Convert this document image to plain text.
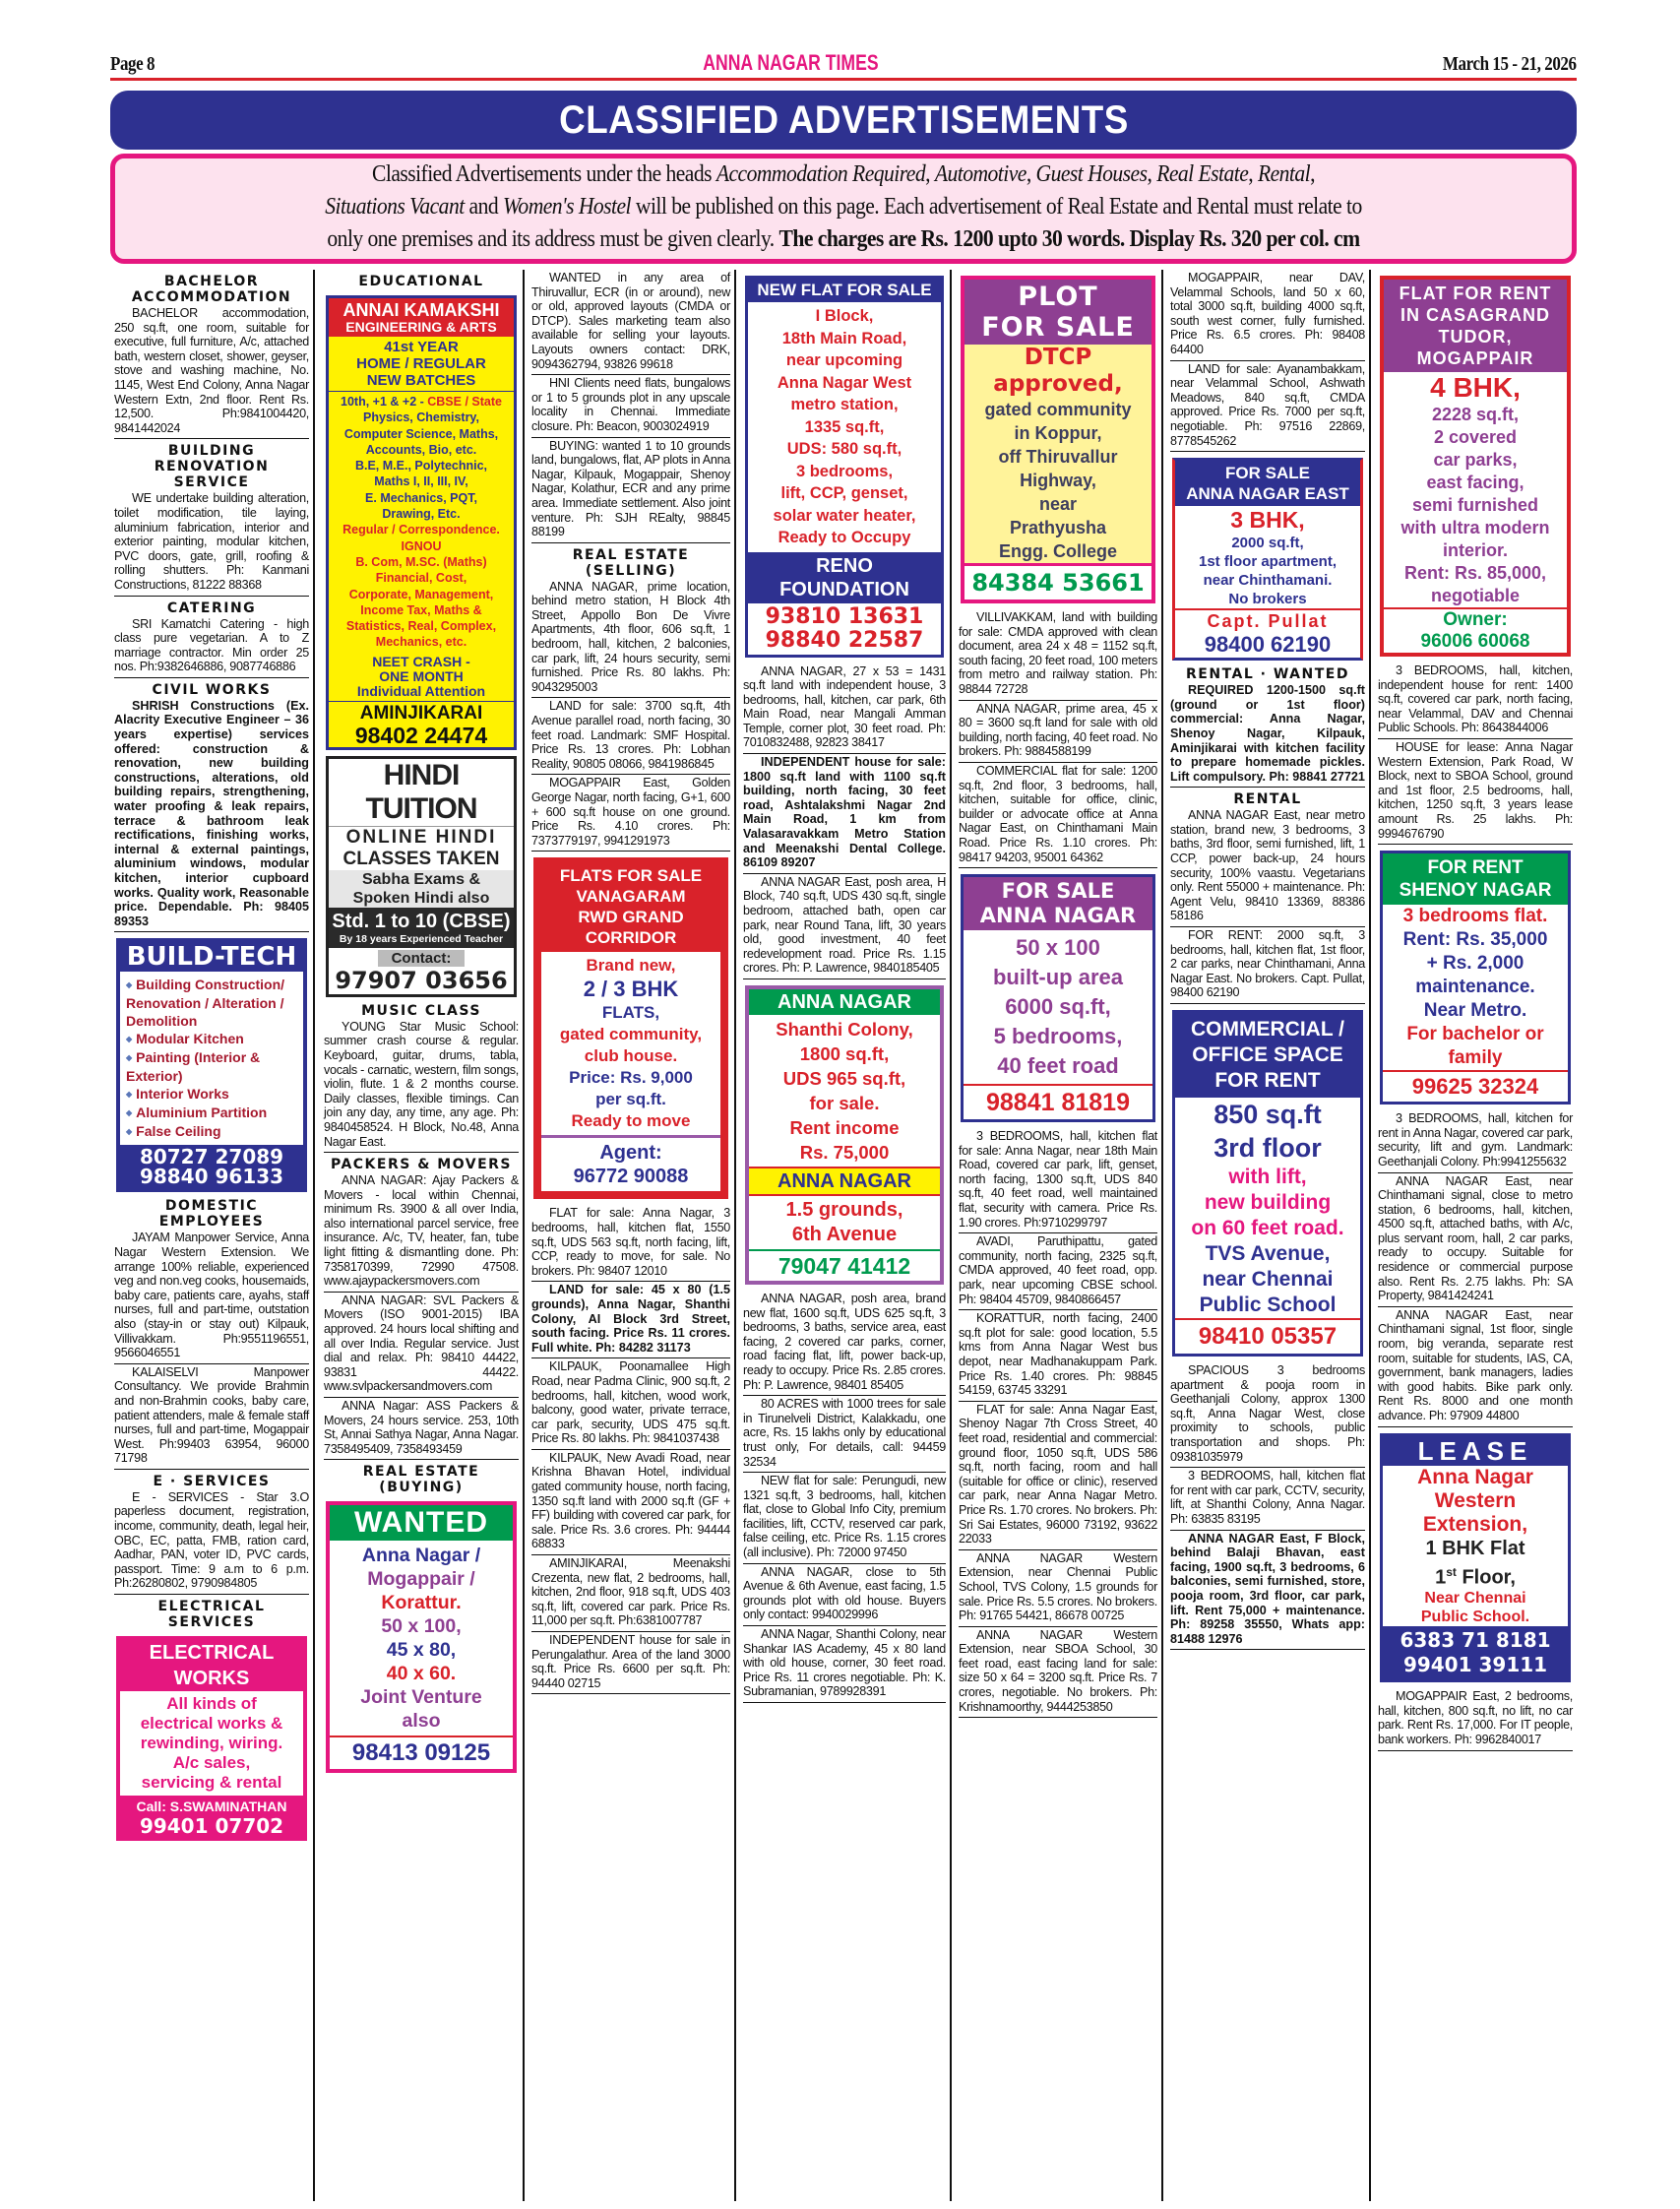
Page 8	ANNA NAGAR TIMES	March 15 - 21, 2026
CLASSIFIED ADVERTISEMENTS
Classified Advertisements under the heads Accommodation Required, Automotive, Guest Houses, Real Estate, Rental,
Situations Vacant and Women's Hostel will be published on this page. Each advertisement of Real Estate and Rental must relate to
only one premises and its address must be given clearly. The charges are Rs. 1200 upto 30 words. Display Rs. 320 per col. cm
BACHELOR ACCOMMODATION

BACHELOR accommodation, 250 sq.ft, one room, suitable for executive, full furniture, A/c, attached bath, western closet, shower, geyser, stove and washing machine, No. 1145, West End Colony, Anna Nagar Western Extn, 2nd floor. Rent Rs. 12,500. Ph:9841004420, 9841442024

BUILDING RENOVATION SERVICE

WE undertake building alteration, toilet modification, tile laying, aluminium fabrication, interior and exterior painting, modular kitchen, PVC doors, gate, grill, roofing & rolling shutters. Ph: Kanmani Constructions, 81222 88368

CATERING

SRI Kamatchi Catering - high class pure vegetarian. A to Z marriage contractor. Min order 25 nos. Ph:9382646886, 9087746886

CIVIL WORKS

SHRISH Constructions (Ex. Alacrity Executive Engineer – 36 years expertise) services offered: construction & renovation, new building constructions, alterations, old building repairs, strengthening, water proofing & leak repairs, terrace & bathroom leak rectifications, finishing works, internal & external paintings, aluminium windows, modular kitchen, interior cupboard works. Quality work, Reasonable price. Dependable. Ph: 98405 89353

BUILD-TECH
◆ Building Construction/ Renovation / Alteration / Demolition
◆ Modular Kitchen
◆ Painting (Interior & Exterior)
◆ Interior Works
◆ Aluminium Partition
◆ False Ceiling
80727 27089
98840 96133
DOMESTIC EMPLOYEES

JAYAM Manpower Service, Anna Nagar Western Extension. We arrange 100% reliable, experienced veg and non.veg cooks, housemaids, baby care, patients care, ayahs, staff nurses, full and part-time, outstation also (stay-in or stay out) Kilpauk, Villivakkam. Ph:9551196551, 9566046551

KALAISELVI Manpower Consultancy. We provide Brahmin and non-Brahmin cooks, baby care, patient attenders, male & female staff nurses, full and part-time, Mogappair West. Ph:99403 63954, 96000 71798

E · SERVICES

E - SERVICES - Star 3.O paperless document, registration, income, community, death, legal heir, OBC, EC, patta, FMB, ration card, Aadhar, PAN, voter ID, PVC cards, passport. Time: 9 a.m to 6 p.m. Ph:26280802, 9790984805

ELECTRICAL SERVICES
ELECTRICAL WORKS
All kinds of
electrical works &
rewinding, wiring.
A/c sales,
servicing & rental
Call: S.SWAMINATHAN
99401 07702
EDUCATIONAL
ANNAI KAMAKSHI
ENGINEERING & ARTS
41st YEAR
HOME / REGULAR
NEW BATCHES
10th, +1 & +2 - CBSE / State
Physics, Chemistry,
Computer Science, Maths,
Accounts, Bio, etc.
B.E, M.E., Polytechnic,
Maths I, II, III, IV,
E. Mechanics, PQT,
Drawing, Etc.
Regular / Correspondence.
IGNOU
B. Com, M.SC. (Maths)
Financial, Cost,
Corporate, Management,
Income Tax, Maths &
Statistics, Real, Complex,
Mechanics, etc.
NEET CRASH -
ONE MONTH
Individual Attention
AMINJIKARAI
98402 24474
HINDI TUITION
ONLINE HINDI
CLASSES TAKEN
Sabha Exams &
Spoken Hindi also
Std. 1 to 10 (CBSE)
By 18 years Experienced Teacher
Contact:
97907 03656
MUSIC CLASS

YOUNG Star Music School: summer crash course & regular. Keyboard, guitar, drums, tabla, vocals - carnatic, western, film songs, violin, flute. 1 & 2 months course. Daily classes, flexible timings. Can join any day, any time, any age. Ph: 9840458524. H Block, No.48, Anna Nagar East.

PACKERS & MOVERS

ANNA NAGAR: Ajay Packers & Movers - local within Chennai, minimum Rs. 3900 & all over India, also international parcel service, free insurance. A/c, TV, heater, fan, tube light fitting & dismantling done. Ph: 7358170399, 72990 47508. www.ajaypackersmovers.com

ANNA NAGAR: SVL Packers & Movers (ISO 9001-2015) IBA approved. 24 hours local shifting and all over India. Regular service. Just dial and relax. Ph: 98410 44422, 93831 44422. www.svlpackersandmovers.com

ANNA Nagar: ASS Packers & Movers, 24 hours service. 253, 10th St, Annai Sathya Nagar, Anna Nagar. 7358495409, 7358493459

REAL ESTATE (BUYING)
WANTED
Anna Nagar /
Mogappair /
Korattur.
50 x 100,
45 x 80,
40 x 60.
Joint Venture
also
98413 09125

WANTED in any area of Thiruvallur, ECR (in or around), new or old, approved layouts (CMDA or DTCP). Sales marketing team also available for selling your layouts. Layouts owners contact: DRK, 9094362794, 93826 99618

HNI Clients need flats, bungalows or 1 to 5 grounds plot in any upscale locality in Chennai. Immediate closure. Ph: Beacon, 9003024919

BUYING: wanted 1 to 10 grounds land, bungalows, flat, AP plots in Anna Nagar, Kilpauk, Mogappair, Shenoy Nagar, Kolathur, ECR and any prime area. Immediate settlement. Also joint venture. Ph: SJH REalty, 98845 88199

REAL ESTATE (SELLING)

ANNA NAGAR, prime location, behind metro station, H Block 4th Street, Appollo Bon De Vivre Apartments, 4th floor, 606 sq.ft, 1 bedroom, hall, kitchen, 2 balconies, car park, lift, 24 hours security, semi furnished. Price Rs. 80 lakhs. Ph: 9043295003

LAND for sale: 3700 sq.ft, 4th Avenue parallel road, north facing, 30 feet road. Landmark: SMF Hospital. Price Rs. 13 crores. Ph: Lobhan Reality, 90805 08066, 9841986845

MOGAPPAIR East, Golden George Nagar, north facing, G+1, 600 + 600 sq.ft house on one ground. Price Rs. 4.10 crores. Ph: 7373779197, 9941291973

FLATS FOR SALE
VANAGARAM
RWD GRAND
CORRIDOR
Brand new,
2 / 3 BHK
FLATS,
gated community,
club house.
Price: Rs. 9,000
per sq.ft.
Ready to move
Agent:
96772 90088

FLAT for sale: Anna Nagar, 3 bedrooms, hall, kitchen flat, 1550 sq.ft, UDS 563 sq.ft, north facing, lift, CCP, ready to move, for sale. No brokers. Ph: 98407 12010

LAND for sale: 45 x 80 (1.5 grounds), Anna Nagar, Shanthi Colony, AI Block 3rd Street, south facing. Price Rs. 11 crores. Full white. Ph: 84282 31173

KILPAUK, Poonamallee High Road, near Padma Clinic, 900 sq.ft, 2 bedrooms, hall, kitchen, wood work, balcony, good water, private terrace, car park, security, UDS 475 sq.ft. Price Rs. 80 lakhs. Ph: 9841037438

KILPAUK, New Avadi Road, near Krishna Bhavan Hotel, individual gated community house, north facing, 1350 sq.ft land with 2000 sq.ft (GF + FF) building with covered car park, for sale. Price Rs. 3.6 crores. Ph: 94444 68833

AMINJIKARAI, Meenakshi Crezenta, new flat, 2 bedrooms, hall, kitchen, 2nd floor, 918 sq.ft, UDS 403 sq.ft, lift, covered car park. Price Rs. 11,000 per sq.ft. Ph:6381007787

INDEPENDENT house for sale in Perungalathur. Area of the land 3000 sq.ft. Price Rs. 6600 per sq.ft. Ph: 94440 02715

NEW FLAT FOR SALE
I Block,
18th Main Road,
near upcoming
Anna Nagar West
metro station,
1335 sq.ft,
UDS: 580 sq.ft,
3 bedrooms,
lift, CCP, genset,
solar water heater,
Ready to Occupy
RENO
FOUNDATION
93810 13631
98840 22587

ANNA NAGAR, 27 x 53 = 1431 sq.ft land with independent house, 3 bedrooms, hall, kitchen, car park, 6th Main Road, near Mangali Amman Temple, corner plot, 30 feet road. Ph: 7010832488, 92823 38417

INDEPENDENT house for sale: 1800 sq.ft land with 1100 sq.ft building, north facing, 30 feet road, Ashtalakshmi Nagar 2nd Main Road, 1 km from Valasaravakkam Metro Station and Meenakshi Dental College. 86109 89207

ANNA NAGAR East, posh area, H Block, 740 sq.ft, UDS 430 sq.ft, single bedroom, attached bath, open car park, near Round Tana, lift, 30 years old, good investment, 40 feet redevelopment road. Price Rs. 1.15 crores. Ph: P. Lawrence, 9840185405

ANNA NAGAR
Shanthi Colony,
1800 sq.ft,
UDS 965 sq.ft,
for sale.
Rent income
Rs. 75,000
ANNA NAGAR
1.5 grounds,
6th Avenue
79047 41412

ANNA NAGAR, posh area, brand new flat, 1600 sq.ft, UDS 625 sq.ft, 3 bedrooms, 3 baths, service area, east facing, 2 covered car parks, corner, road facing flat, lift, power back-up, ready to occupy. Price Rs. 2.85 crores. Ph: P. Lawrence, 98401 85405

80 ACRES with 1000 trees for sale in Tirunelveli District, Kalakkadu, one acre, Rs. 15 lakhs only by educational trust only, For details, call: 94459 32534

NEW flat for sale: Perungudi, new 1321 sq.ft, 3 bedrooms, hall, kitchen flat, close to Global Info City, premium facilities, lift, CCTV, reserved car park, false ceiling, etc. Price Rs. 1.15 crores (all inclusive). Ph: 72000 97450

ANNA NAGAR, close to 5th Avenue & 6th Avenue, east facing, 1.5 grounds plot with old house. Buyers only contact: 9940029996

ANNA Nagar, Shanthi Colony, near Shankar IAS Academy, 45 x 80 land with old house, corner, 30 feet road. Price Rs. 11 crores negotiable. Ph: K. Subramanian, 9789928391

PLOT
FOR SALE
DTCP
approved,
gated community
in Koppur,
off Thiruvallur
Highway,
near
Prathyusha
Engg. College
84384 53661

VILLIVAKKAM, land with building for sale: CMDA approved with clean document, area 24 x 48 = 1152 sq.ft, south facing, 20 feet road, 100 meters from metro and railway station. Ph: 98844 72728

ANNA NAGAR, prime area, 45 x 80 = 3600 sq.ft land for sale with old building, north facing, 40 feet road. No brokers. Ph: 9884588199

COMMERCIAL flat for sale: 1200 sq.ft, 2nd floor, 3 bedrooms, hall, kitchen, suitable for office, clinic, builder or advocate office at Anna Nagar East, on Chinthamani Main Road. Price Rs. 1.10 crores. Ph: 98417 94203, 95001 64362

FOR SALE
ANNA NAGAR
50 x 100
built-up area
6000 sq.ft,
5 bedrooms,
40 feet road
98841 81819

3 BEDROOMS, hall, kitchen flat for sale: Anna Nagar, near 18th Main Road, covered car park, lift, genset, north facing, 1300 sq.ft, UDS 840 sq.ft, 40 feet road, well maintained flat, security with camera. Price Rs. 1.90 crores. Ph:9710299797

AVADI, Paruthipattu, gated community, north facing, 2325 sq.ft, CMDA approved, 40 feet road, opp. park, near upcoming CBSE school. Ph: 98404 45709, 9840866457

KORATTUR, north facing, 2400 sq.ft plot for sale: good location, 5.5 kms from Anna Nagar West bus depot, near Madhanakuppam Park. Price Rs. 1.40 crores. Ph: 98845 54159, 63745 33291

FLAT for sale: Anna Nagar East, Shenoy Nagar 7th Cross Street, 40 feet road, residential and commercial: ground floor, 1050 sq.ft, UDS 586 sq.ft, north facing, room and hall (suitable for office or clinic), reserved car park, near Anna Nagar Metro. Price Rs. 1.70 crores. No brokers. Ph: Sri Sai Estates, 96000 73192, 93622 22033

ANNA NAGAR Western Extension, near Chennai Public School, TVS Colony, 1.5 grounds for sale. Price Rs. 5.5 crores. No brokers. Ph: 91765 54421, 86678 00725

ANNA NAGAR Western Extension, near SBOA School, 30 feet road, east facing land for sale: size 50 x 64 = 3200 sq.ft. Price Rs. 7 crores, negotiable. No brokers. Ph: Krishnamoorthy, 9444253850

MOGAPPAIR, near DAV, Velammal Schools, land 50 x 60, total 3000 sq.ft, building 4000 sq.ft, south west corner, fully furnished. Price Rs. 6.5 crores. Ph: 98408 64400

LAND for sale: Ayanambakkam, near Velammal School, Ashwath Meadows, 840 sq.ft, CMDA approved. Price Rs. 7000 per sq.ft, negotiable. Ph: 97516 22869, 8778545262

FOR SALE
ANNA NAGAR EAST
3 BHK,
2000 sq.ft,
1st floor apartment,
near Chinthamani.
No brokers
Capt. Pullat
98400 62190
RENTAL · WANTED

REQUIRED 1200-1500 sq.ft (ground or 1st floor) commercial: Anna Nagar, Shenoy Nagar, Kilpauk, Aminjikarai with kitchen facility to prepare homemade pickles. Lift compulsory. Ph: 98841 27721

RENTAL

ANNA NAGAR East, near metro station, brand new, 3 bedrooms, 3 baths, 3rd floor, semi furnished, lift, 1 CCP, power back-up, 24 hours security, 100% vaastu. Vegetarians only. Rent 55000 + maintenance. Ph: Agent Velu, 98410 13369, 88386 58186

FOR RENT: 2000 sq.ft, 3 bedrooms, hall, kitchen flat, 1st floor, 2 car parks, near Chinthamani, Anna Nagar East. No brokers. Capt. Pullat, 98400 62190

COMMERCIAL /
OFFICE SPACE
FOR RENT
850 sq.ft
3rd floor
with lift,
new building
on 60 feet road.
TVS Avenue,
near Chennai
Public School
98410 05357

SPACIOUS 3 bedrooms apartment & pooja room in Geethanjali Colony, approx 1300 sq.ft, Anna Nagar West, close proximity to schools, public transportation and shops. Ph: 09381035979

3 BEDROOMS, hall, kitchen flat for rent with car park, CCTV, security, lift, at Shanthi Colony, Anna Nagar. Ph: 63835 83195

ANNA NAGAR East, F Block, behind Balaji Bhavan, east facing, 1900 sq.ft, 3 bedrooms, 6 balconies, semi furnished, store, pooja room, 3rd floor, car park, lift. Rent 75,000 + maintenance. Ph: 89258 35550, Whats app: 81488 12976

FLAT FOR RENT
IN CASAGRAND
TUDOR,
MOGAPPAIR
4 BHK,
2228 sq.ft,
2 covered
car parks,
east facing,
semi furnished
with ultra modern
interior.
Rent: Rs. 85,000,
negotiable
Owner:
96006 60068

3 BEDROOMS, hall, kitchen, independent house for rent: 1400 sq.ft, covered car park, north facing, near Velammal, DAV and Chennai Public Schools. Ph: 8643844006

HOUSE for lease: Anna Nagar Western Extension, Park Road, W Block, next to SBOA School, ground and 1st floor, 2.5 bedrooms, hall, kitchen, 1250 sq.ft, 3 years lease amount Rs. 25 lakhs. Ph: 9994676790

FOR RENT
SHENOY NAGAR
3 bedrooms flat.
Rent: Rs. 35,000
+ Rs. 2,000
maintenance.
Near Metro.
For bachelor or
family
99625 32324

3 BEDROOMS, hall, kitchen for rent in Anna Nagar, covered car park, security, lift and gym. Landmark: Geethanjali Colony. Ph:9941255632

ANNA NAGAR East, near Chinthamani signal, close to metro station, 6 bedrooms, hall, kitchen, 4500 sq.ft, attached baths, with A/c, plus servant room, hall, 2 car parks, ready to occupy. Suitable for residence or commercial purpose also. Rent Rs. 2.75 lakhs. Ph: SA Property, 9841424241

ANNA NAGAR East, near Chinthamani signal, 1st floor, single room, big veranda, separate rest room, suitable for students, IAS, CA, government, bank managers, ladies with good habits. Bike park only. Rent Rs. 8000 and one month advance. Ph: 97909 44800

LEASE
Anna Nagar
Western
Extension,
1 BHK Flat
1st Floor,
Near Chennai
Public School.
6383 71 8181
99401 39111

MOGAPPAIR East, 2 bedrooms, hall, kitchen, 800 sq.ft, no lift, no car park. Rent Rs. 17,000. For IT people, bank workers. Ph: 9962840017
